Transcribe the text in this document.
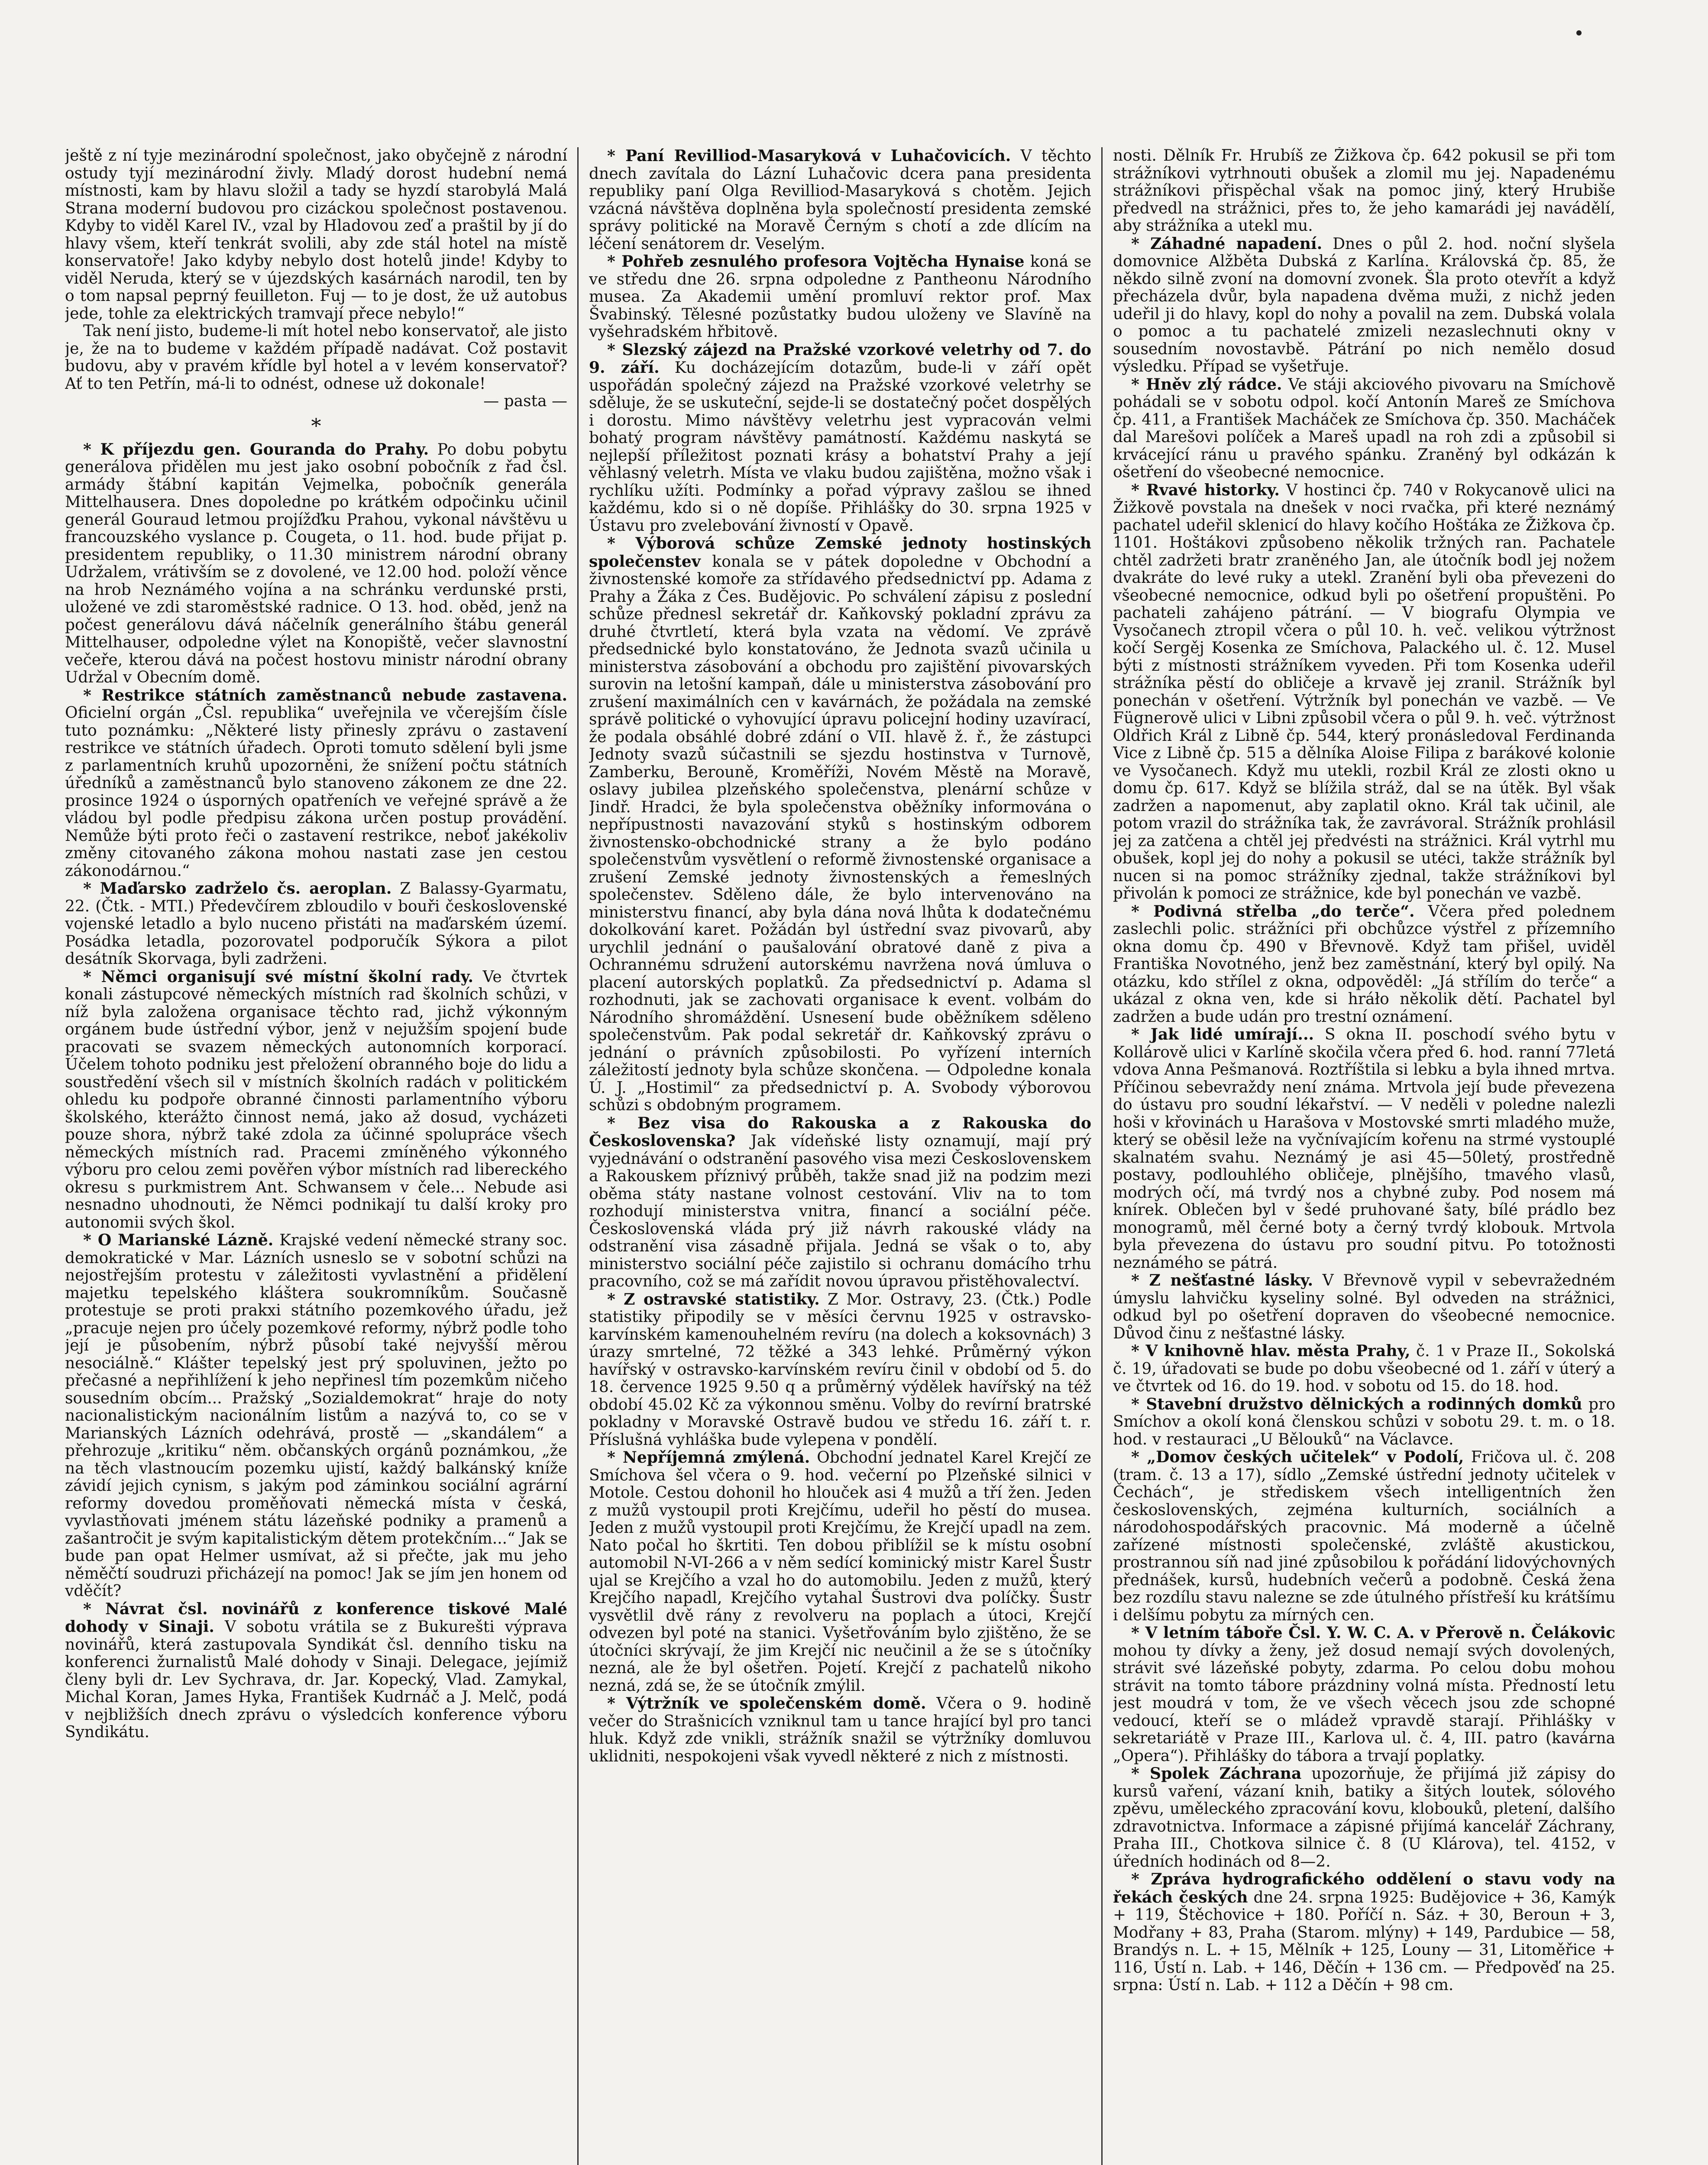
ještě z ní tyje mezinárodní společnost, jako obyčejně z národní ostudy tyjí mezinárodní živly. Mladý dorost hudební nemá místnosti, kam by hlavu složil a tady se hyzdí starobylá Malá Strana moderní budovou pro cizáckou společnost postavenou. Kdyby to viděl Karel IV., vzal by Hladovou zeď a praštil by jí do hlavy všem, kteří tenkrát svolili, aby zde stál hotel na místě konservatoře! Jako kdyby nebylo dost hotelů jinde! Kdyby to viděl Neruda, který se v újezdských kasárnách narodil, ten by o tom napsal peprný feuilleton. Fuj — to je dost, že už autobus jede, tohle za elektrických tramvají přece nebylo!“

Tak není jisto, budeme-li mít hotel nebo konservatoř, ale jisto je, že na to budeme v každém případě nadávat. Což postavit budovu, aby v pravém křídle byl hotel a v levém konservatoř? Ať to ten Petřín, má-li to odnést, odnese už dokonale!

— pasta —
*

* K příjezdu gen. Gouranda do Prahy. Po dobu pobytu generálova přidělen mu jest jako osobní pobočník z řad čsl. armády štábní kapitán Vejmelka, pobočník generála Mittelhausera. Dnes dopoledne po krátkém odpočinku učinil generál Gouraud letmou projížďku Prahou, vykonal návštěvu u francouzského vyslance p. Cougeta, o 11. hod. bude přijat p. presidentem republiky, o 11.30 ministrem národní obrany Udržalem, vrátivším se z dovolené, ve 12.00 hod. položí věnce na hrob Neznámého vojína a na schránku verdunské prsti, uložené ve zdi staroměstské radnice. O 13. hod. oběd, jenž na počest generálovu dává náčelník generálního štábu generál Mittelhauser, odpoledne výlet na Konopiště, večer slavnostní večeře, kterou dává na počest hostovu ministr národní obrany Udržal v Obecním domě.

* Restrikce státních zaměstnanců nebude zastavena. Oficielní orgán „Čsl. republika“ uveřejnila ve včerejším čísle tuto poznámku: „Některé listy přinesly zprávu o zastavení restrikce ve státních úřadech. Oproti tomuto sdělení byli jsme z parlamentních kruhů upozorněni, že snížení počtu státních úředníků a zaměstnanců bylo stanoveno zákonem ze dne 22. prosince 1924 o úsporných opatřeních ve veřejné správě a že vládou byl podle předpisu zákona určen postup provádění. Nemůže býti proto řeči o zastavení restrikce, neboť jakékoliv změny citovaného zákona mohou nastati zase jen cestou zákonodárnou.“

* Maďarsko zadrželo čs. aeroplan. Z Balassy-Gyarmatu, 22. (Čtk. - MTI.) Předevčírem zbloudilo v bouři československé vojenské letadlo a bylo nuceno přistáti na maďarském území. Posádka letadla, pozorovatel podporučík Sýkora a pilot desátník Skorvaga, byli zadrženi.

* Němci organisují své místní školní rady. Ve čtvrtek konali zástupcové německých místních rad školních schůzi, v níž byla založena organisace těchto rad, jichž výkonným orgánem bude ústřední výbor, jenž v nejužším spojení bude pracovati se svazem německých autonomních korporací. Účelem tohoto podniku jest přeložení obranného boje do lidu a soustředění všech sil v místních školních radách v politickém ohledu ku podpoře obranné činnosti parlamentního výboru školského, kterážto činnost nemá, jako až dosud, vycházeti pouze shora, nýbrž také zdola za účinné spolupráce všech německých místních rad. Pracemi zmíněného výkonného výboru pro celou zemi pověřen výbor místních rad libereckého okresu s purkmistrem Ant. Schwansem v čele... Nebude asi nesnadno uhodnouti, že Němci podnikají tu další kroky pro autonomii svých škol.

* O Marianské Lázně. Krajské vedení německé strany soc. demokratické v Mar. Lázních usneslo se v sobotní schůzi na nejostřejším protestu v záležitosti vyvlastnění a přidělení majetku tepelského kláštera soukromníkům. Současně protestuje se proti prakxi státního pozemkového úřadu, jež „pracuje nejen pro účely pozemkové reformy, nýbrž podle toho její je působením, nýbrž působí také nejvyšší měrou nesociálně.“ Klášter tepelský jest prý spoluvinen, ježto po přečasné a nepřihlížení k jeho nepřinesl tím pozemkům ničeho sousedním obcím... Pražský „Sozialdemokrat“ hraje do noty nacionalistickým nacionálním listům a nazývá to, co se v Marianských Lázních odehrává, prostě — „skandálem“ a přehrozuje „kritiku“ něm. občanských orgánů poznámkou, „že na těch vlastnoucím pozemku ujistí, každý balkánský kníže závidí jejich cynism, s jakým pod záminkou sociální agrární reformy dovedou proměňovati německá místa v česká, vyvlastňovati jménem státu lázeňské podniky a pramenů a zašantročit je svým kapitalistickým dětem protekčním...“ Jak se bude pan opat Helmer usmívat, až si přečte, jak mu jeho něměčtí soudruzi přicházejí na pomoc! Jak se jím jen honem od vděčít?

* Návrat čsl. novinářů z konference tiskové Malé dohody v Sinaji. V sobotu vrátila se z Bukurešti výprava novinářů, která zastupovala Syndikát čsl. denního tisku na konferenci žurnalistů Malé dohody v Sinaji. Delegace, jejímiž členy byli dr. Lev Sychrava, dr. Jar. Kopecký, Vlad. Zamykal, Michal Koran, James Hyka, František Kudrnáč a J. Melč, podá v nejbližších dnech zprávu o výsledcích konference výboru Syndikátu.

* Paní Revilliod-Masaryková v Luhačovicích. V těchto dnech zavítala do Lázní Luhačovic dcera pana presidenta republiky paní Olga Revilliod-Masaryková s chotěm. Jejich vzácná návštěva doplněna byla společností presidenta zemské správy politické na Moravě Černým s chotí a zde dlícím na léčení senátorem dr. Veselým.

* Pohřeb zesnulého profesora Vojtěcha Hynaise koná se ve středu dne 26. srpna odpoledne z Pantheonu Národního musea. Za Akademii umění promluví rektor prof. Max Švabinský. Tělesné pozůstatky budou uloženy ve Slavíně na vyšehradském hřbitově.

* Slezský zájezd na Pražské vzorkové veletrhy od 7. do 9. září. Ku docházejícím dotazům, bude-li v září opět uspořádán společný zájezd na Pražské vzorkové veletrhy se sděluje, že se uskuteční, sejde-li se dostatečný počet dospělých i dorostu. Mimo návštěvy veletrhu jest vypracován velmi bohatý program návštěvy památností. Každému naskytá se nejlepší příležitost poznati krásy a bohatství Prahy a její věhlasný veletrh. Místa ve vlaku budou zajištěna, možno však i rychlíku užíti. Podmínky a pořad výpravy zašlou se ihned každému, kdo si o ně dopíše. Přihlášky do 30. srpna 1925 v Ústavu pro zvelebování živností v Opavě.

* Výborová schůze Zemské jednoty hostinských společenstev konala se v pátek dopoledne v Obchodní a živnostenské komoře za střídavého předsednictví pp. Adama z Prahy a Žáka z Čes. Budějovic. Po schválení zápisu z poslední schůze přednesl sekretář dr. Kaňkovský pokladní zprávu za druhé čtvrtletí, která byla vzata na vědomí. Ve zprávě předsednické bylo konstatováno, že Jednota svazů učinila u ministerstva zásobování a obchodu pro zajištění pivovarských surovin na letošní kampaň, dále u ministerstva zásobování pro zrušení maximálních cen v kavárnách, že požádala na zemské správě politické o vyhovující úpravu policejní hodiny uzavírací, že podala obsáhlé dobré zdání o VII. hlavě ž. ř., že zástupci Jednoty svazů súčastnili se sjezdu hostinstva v Turnově, Zamberku, Berouně, Kroměříži, Novém Městě na Moravě, oslavy jubilea plzeňského společenstva, plenární schůze v Jindř. Hradci, že byla společenstva oběžníky informována o nepřípustnosti navazování styků s hostinským odborem živnostensko-obchodnické strany a že bylo podáno společenstvům vysvětlení o reformě živnostenské organisace a zrušení Zemské jednoty živnostenských a řemeslných společenstev. Sděleno dále, že bylo intervenováno na ministerstvu financí, aby byla dána nová lhůta k dodatečnému dokolkování karet. Požádán byl ústřední svaz pivovarů, aby urychlil jednání o paušalování obratové daně z piva a Ochrannému sdružení autorskému navržena nová úmluva o placení autorských poplatků. Za předsednictví p. Adama sl rozhodnuti, jak se zachovati organisace k event. volbám do Národního shromáždění. Usnesení bude oběžníkem sděleno společenstvům. Pak podal sekretář dr. Kaňkovský zprávu o jednání o právních způsobilosti. Po vyřízení interních záležitostí jednoty byla schůze skončena. — Odpoledne konala Ú. J. „Hostimil“ za předsednictví p. A. Svobody výborovou schůzi s obdobným programem.

* Bez visa do Rakouska a z Rakouska do Československa? Jak vídeňské listy oznamují, mají prý vyjednávání o odstranění pasového visa mezi Československem a Rakouskem příznivý průběh, takže snad již na podzim mezi oběma státy nastane volnost cestování. Vliv na to tom rozhodují ministerstva vnitra, financí a sociální péče. Československá vláda prý již návrh rakouské vlády na odstranění visa zásadně přijala. Jedná se však o to, aby ministerstvo sociální péče zajistilo si ochranu domácího trhu pracovního, což se má zařídit novou úpravou přistěhovalectví.

* Z ostravské statistiky. Z Mor. Ostravy, 23. (Čtk.) Podle statistiky připodily se v měsíci červnu 1925 v ostravsko-karvínském kamenouhelném revíru (na dolech a koksovnách) 3 úrazy smrtelné, 72 těžké a 343 lehké. Průměrný výkon havířský v ostravsko-karvínském revíru činil v období od 5. do 18. července 1925 9.50 q a průměrný výdělek havířský na též období 45.02 Kč za výkonnou směnu. Volby do revírní bratrské pokladny v Moravské Ostravě budou ve středu 16. září t. r. Příslušná vyhláška bude vylepena v pondělí.

* Nepříjemná zmýlená. Obchodní jednatel Karel Krejčí ze Smíchova šel včera o 9. hod. večerní po Plzeňské silnici v Motole. Cestou dohonil ho hlouček asi 4 mužů a tří žen. Jeden z mužů vystoupil proti Krejčímu, udeřil ho pěstí do musea. Jeden z mužů vystoupil proti Krejčímu, že Krejčí upadl na zem. Nato počal ho škrtiti. Ten dobou přiblížil se k místu osobní automobil N-VI-266 a v něm sedící kominický mistr Karel Šustr ujal se Krejčího a vzal ho do automobilu. Jeden z mužů, který Krejčího napadl, Krejčího vytahal Šustrovi dva políčky. Šustr vysvětlil dvě rány z revolveru na poplach a útoci, Krejčí odvezen byl poté na stanici. Vyšetřováním bylo zjištěno, že se útočníci skrývají, že jim Krejčí nic neučinil a že se s útočníky nezná, ale že byl ošetřen. Pojetí. Krejčí z pachatelů nikoho nezná, zdá se, že se útočník zmýlil.

* Výtržník ve společenském domě. Včera o 9. hodině večer do Strašnicích vzniknul tam u tance hrající byl pro tanci hluk. Když zde vnikli, strážník snažil se výtržníky domluvou uklidniti, nespokojeni však vyvedl některé z nich z místnosti.

nosti. Dělník Fr. Hrubíš ze Žižkova čp. 642 pokusil se při tom strážníkovi vytrhnouti obušek a zlomil mu jej. Napadenému strážníkovi přispěchal však na pomoc jiný, který Hrubiše předvedl na strážnici, přes to, že jeho kamarádi jej navádělí, aby strážníka a utekl mu.

* Záhadné napadení. Dnes o půl 2. hod. noční slyšela domovnice Alžběta Dubská z Karlína. Královská čp. 85, že někdo silně zvoní na domovní zvonek. Šla proto otevřít a když přecházela dvůr, byla napadena dvěma muži, z nichž jeden udeřil ji do hlavy, kopl do nohy a povalil na zem. Dubská volala o pomoc a tu pachatelé zmizeli nezaslechnuti okny v sousedním novostavbě. Pátrání po nich nemělo dosud výsledku. Případ se vyšetřuje.

* Hněv zlý rádce. Ve stáji akciového pivovaru na Smíchově pohádali se v sobotu odpol. kočí Antonín Mareš ze Smíchova čp. 411, a František Macháček ze Smíchova čp. 350. Macháček dal Marešovi políček a Mareš upadl na roh zdi a způsobil si krvácející ránu u pravého spánku. Zraněný byl odkázán k ošetření do všeobecné nemocnice.

* Rvavé historky. V hostinci čp. 740 v Rokycanově ulici na Žižkově povstala na dnešek v noci rvačka, při které neznámý pachatel udeřil sklenicí do hlavy kočího Hoštáka ze Žižkova čp. 1101. Hoštákovi způsobeno několik tržných ran. Pachatele chtěl zadržeti bratr zraněného Jan, ale útočník bodl jej nožem dvakráte do levé ruky a utekl. Zranění byli oba převezeni do všeobecné nemocnice, odkud byli po ošetření propuštěni. Po pachateli zahájeno pátrání. — V biografu Olympia ve Vysočanech ztropil včera o půl 10. h. več. velikou výtržnost kočí Sergěj Kosenka ze Smíchova, Palackého ul. č. 12. Musel býti z místnosti strážníkem vyveden. Při tom Kosenka udeřil strážníka pěstí do obličeje a krvavě jej zranil. Strážník byl ponechán v ošetření. Výtržník byl ponechán ve vazbě. — Ve Fügnerově ulici v Libni způsobil včera o půl 9. h. več. výtržnost Oldřich Král z Libně čp. 544, který pronásledoval Ferdinanda Vice z Libně čp. 515 a dělníka Aloise Filipa z barákové kolonie ve Vysočanech. Když mu utekli, rozbil Král ze zlosti okno u domu čp. 617. Když se blížila stráž, dal se na útěk. Byl však zadržen a napomenut, aby zaplatil okno. Král tak učinil, ale potom vrazil do strážníka tak, že zavrávoral. Strážník prohlásil jej za zatčena a chtěl jej předvésti na strážnici. Král vytrhl mu obušek, kopl jej do nohy a pokusil se utéci, takže strážník byl nucen si na pomoc strážníky zjednal, takže strážníkovi byl přivolán k pomoci ze strážnice, kde byl ponechán ve vazbě.

* Podivná střelba „do terče“. Včera před polednem zaslechli polic. strážníci při obchůzce výstřel z přízemního okna domu čp. 490 v Břevnově. Když tam přišel, uviděl Františka Novotného, jenž bez zaměstnání, který byl opilý. Na otázku, kdo střílel z okna, odpověděl: „Já střílím do terče“ a ukázal z okna ven, kde si hráło několik dětí. Pachatel byl zadržen a bude udán pro trestní oznámení.

* Jak lidé umírají... S okna II. poschodí svého bytu v Kollárově ulici v Karlíně skočila včera před 6. hod. ranní 77letá vdova Anna Pešmanová. Roztříštila si lebku a byla ihned mrtva. Příčinou sebevraždy není známa. Mrtvola její bude převezena do ústavu pro soudní lékařství. — V neděli v poledne nalezli hoši v křovinách u Harašova v Mostovské smrti mladého muže, který se oběsil leže na vyčnívajícím kořenu na strmé vystouplé skalnatém svahu. Neznámý je asi 45—50letý, prostředně postavy, podlouhlého obličeje, plnějšího, tmavého vlasů, modrých očí, má tvrdý nos a chybné zuby. Pod nosem má knírek. Oblečen byl v šedé pruhované šaty, bílé prádlo bez monogramů, měl černé boty a černý tvrdý klobouk. Mrtvola byla převezena do ústavu pro soudní pitvu. Po totožnosti neznámého se pátrá.

* Z nešťastné lásky. V Břevnově vypil v sebevražedném úmyslu lahvičku kyseliny solné. Byl odveden na strážnici, odkud byl po ošetření dopraven do všeobecné nemocnice. Důvod činu z nešťastné lásky.

* V knihovně hlav. města Prahy, č. 1 v Praze II., Sokolská č. 19, úřadovati se bude po dobu všeobecné od 1. září v úterý a ve čtvrtek od 16. do 19. hod. v sobotu od 15. do 18. hod.

* Stavební družstvo dělnických a rodinných domků pro Smíchov a okolí koná členskou schůzi v sobotu 29. t. m. o 18. hod. v restauraci „U Bělouků“ na Václavce.

* „Domov českých učitelek“ v Podolí, Fričova ul. č. 208 (tram. č. 13 a 17), sídlo „Zemské ústřední jednoty učitelek v Čechách“, je střediskem všech intelligentních žen československých, zejména kulturních, sociálních a národohospodářských pracovnic. Má moderně a účelně zařízené místnosti společenské, zvláště akustickou, prostrannou síň nad jiné způsobilou k pořádání lidovýchovných přednášek, kursů, hudebních večerů a podobně. Česká žena bez rozdílu stavu nalezne se zde útulného přístřeší ku krátšímu i delšímu pobytu za mírných cen.

* V letním táboře Čsl. Y. W. C. A. v Přerově n. Čelákovic mohou ty dívky a ženy, jež dosud nemají svých dovolených, strávit své lázeňské pobyty, zdarma. Po celou dobu mohou strávit na tomto tábore prázdniny volná místa. Předností letu jest moudrá v tom, že ve všech věcech jsou zde schopné vedoucí, kteří se o mládež vpravdě starají. Přihlášky v sekretariátě v Praze III., Karlova ul. č. 4, III. patro (kavárna „Opera“). Přihlášky do tábora a trvají poplatky.

* Spolek Záchrana upozorňuje, že přijímá již zápisy do kursů vaření, vázaní knih, batiky a šitých loutek, sólového zpěvu, uměleckého zpracování kovu, klobouků, pletení, dalšího zdravotnictva. Informace a zápisné přijímá kancelář Záchrany, Praha III., Chotkova silnice č. 8 (U Klárova), tel. 4152, v úředních hodinách od 8—2.

* Zpráva hydrografického oddělení o stavu vody na řekách českých dne 24. srpna 1925: Budějovice + 36, Kamýk + 119, Štěchovice + 180. Poříčí n. Sáz. + 30, Beroun + 3, Modřany + 83, Praha (Starom. mlýny) + 149, Pardubice — 58, Brandýs n. L. + 15, Mělník + 125, Louny — 31, Litoměřice + 116, Ústí n. Lab. + 146, Děčín + 136 cm. — Předpověď na 25. srpna: Ústí n. Lab. + 112 a Děčín + 98 cm.
